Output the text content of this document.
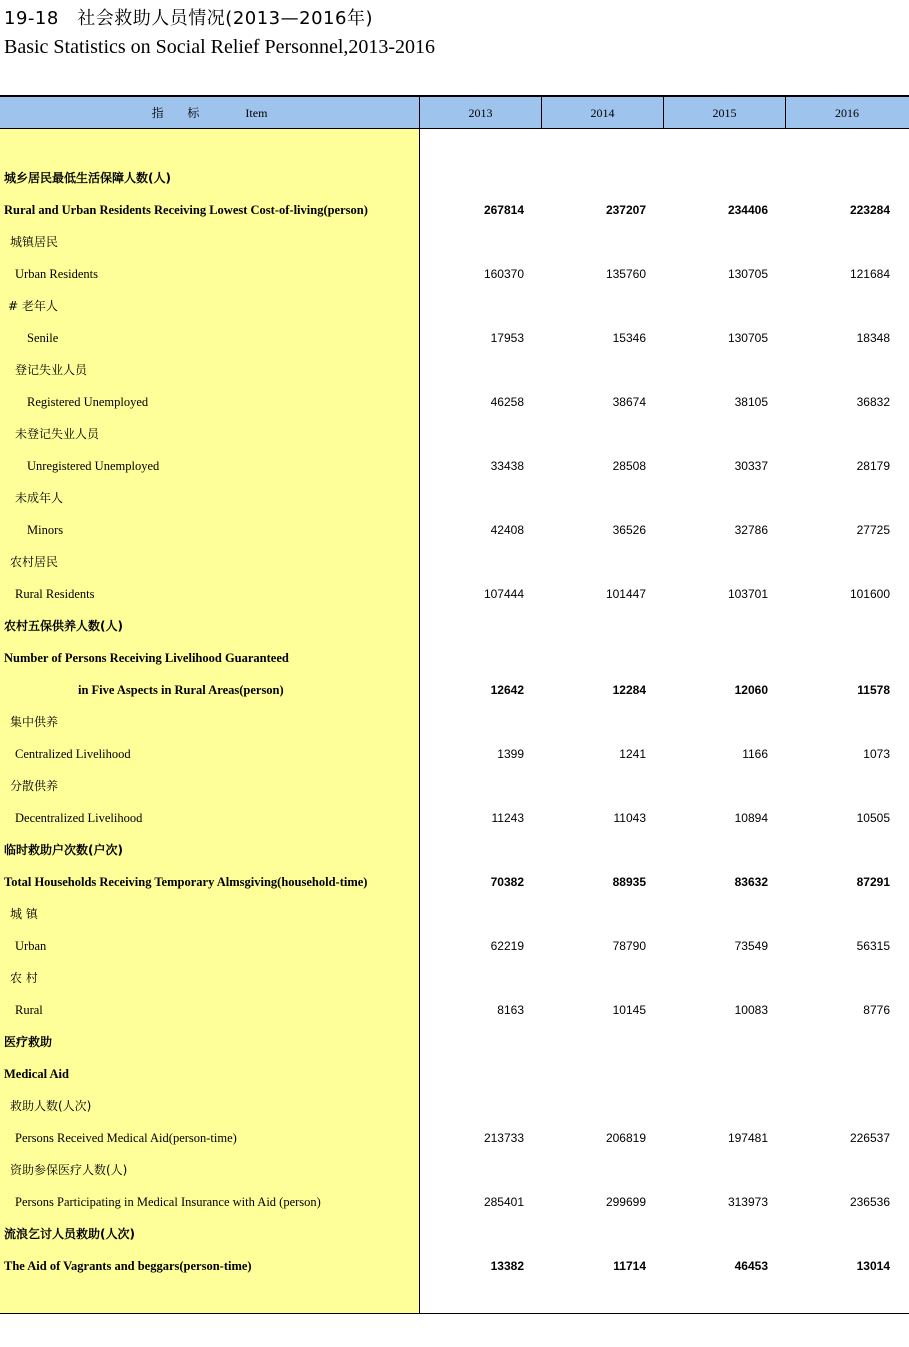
19-18　社会救助人员情况(2013—2016年)
Basic Statistics on Social Relief Personnel,2013-2016
指 标	Item	2013	2014	2015	2016
城乡居民最低生活保障人数(人)
Rural and Urban Residents Receiving Lowest Cost-of-living(person)	267814	237207	234406	223284
城镇居民
Urban Residents	160370	135760	130705	121684
# 老年人
Senile	17953	15346	130705	18348
登记失业人员
Registered Unemployed	46258	38674	38105	36832
未登记失业人员
Unregistered Unemployed	33438	28508	30337	28179
未成年人
Minors	42408	36526	32786	27725
农村居民
Rural Residents	107444	101447	103701	101600
农村五保供养人数(人)
Number of Persons Receiving Livelihood Guaranteed
in Five Aspects in Rural Areas(person)	12642	12284	12060	11578
集中供养
Centralized Livelihood	1399	1241	1166	1073
分散供养
Decentralized Livelihood	11243	11043	10894	10505
临时救助户次数(户次)
Total Households Receiving Temporary Almsgiving(household-time)	70382	88935	83632	87291
城 镇
Urban	62219	78790	73549	56315
农 村
Rural	8163	10145	10083	8776
医疗救助
Medical Aid
救助人数(人次)
Persons Received Medical Aid(person-time)	213733	206819	197481	226537
资助参保医疗人数(人)
Persons Participating in Medical Insurance with Aid (person)	285401	299699	313973	236536
流浪乞讨人员救助(人次)
The Aid of Vagrants and beggars(person-time)	13382	11714	46453	13014
